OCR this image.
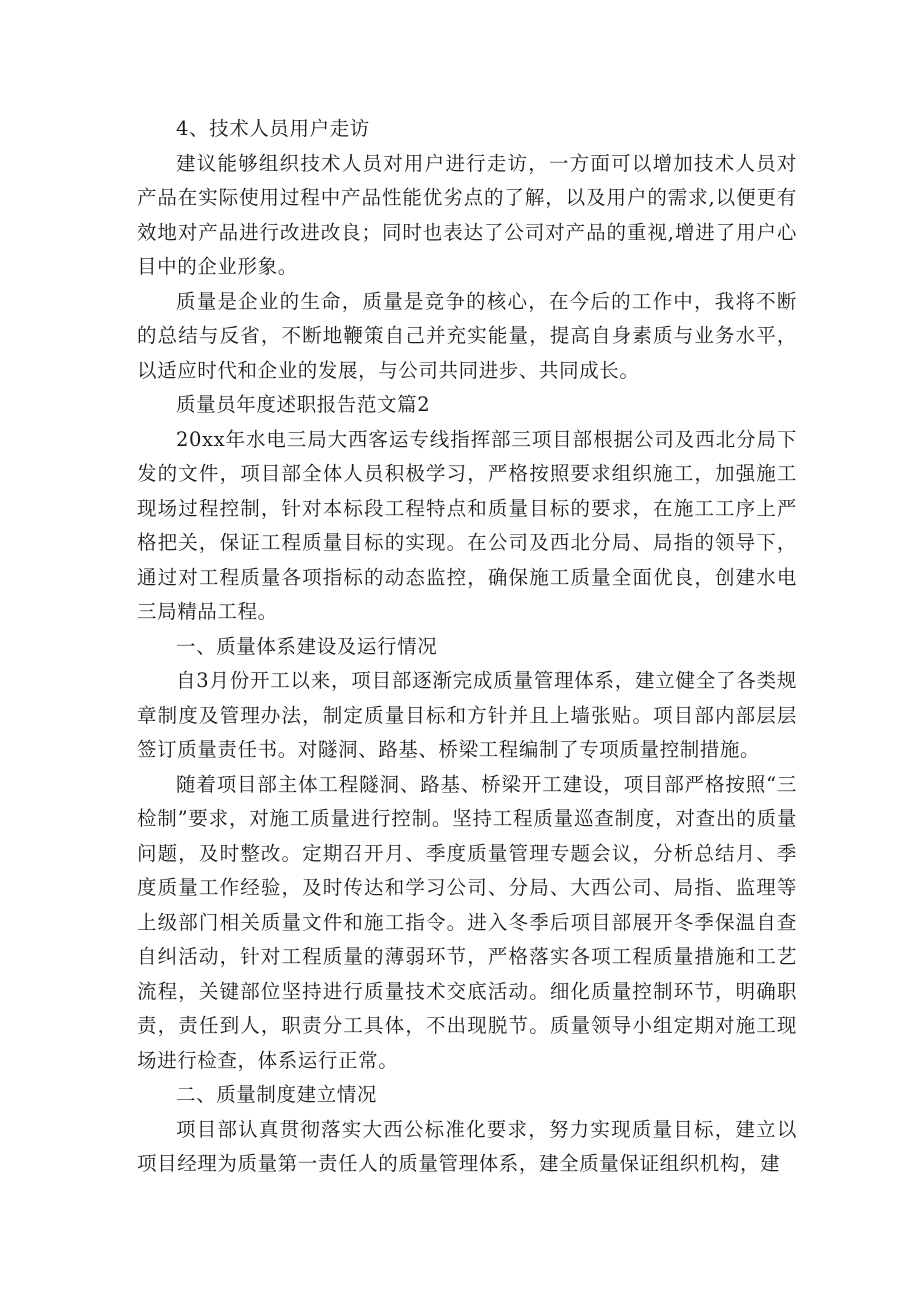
4、技术人员用户走访

建议能够组织技术人员对用户进行走访，一方面可以增加技术人员对产品在实际使用过程中产品性能优劣点的了解，以及用户的需求,以便更有效地对产品进行改进改良；同时也表达了公司对产品的重视,增进了用户心目中的企业形象。

质量是企业的生命，质量是竞争的核心，在今后的工作中，我将不断的总结与反省，不断地鞭策自己并充实能量，提高自身素质与业务水平，以适应时代和企业的发展，与公司共同进步、共同成长。

质量员年度述职报告范文篇2

20xx年水电三局大西客运专线指挥部三项目部根据公司及西北分局下发的文件，项目部全体人员积极学习，严格按照要求组织施工，加强施工现场过程控制，针对本标段工程特点和质量目标的要求，在施工工序上严格把关，保证工程质量目标的实现。在公司及西北分局、局指的领导下，通过对工程质量各项指标的动态监控，确保施工质量全面优良，创建水电三局精品工程。

一、质量体系建设及运行情况

自3月份开工以来，项目部逐渐完成质量管理体系，建立健全了各类规章制度及管理办法，制定质量目标和方针并且上墙张贴。项目部内部层层签订质量责任书。对隧洞、路基、桥梁工程编制了专项质量控制措施。

随着项目部主体工程隧洞、路基、桥梁开工建设，项目部严格按照“三检制”要求，对施工质量进行控制。坚持工程质量巡查制度，对查出的质量问题，及时整改。定期召开月、季度质量管理专题会议，分析总结月、季度质量工作经验，及时传达和学习公司、分局、大西公司、局指、监理等上级部门相关质量文件和施工指令。进入冬季后项目部展开冬季保温自查自纠活动，针对工程质量的薄弱环节，严格落实各项工程质量措施和工艺流程，关键部位坚持进行质量技术交底活动。细化质量控制环节，明确职责，责任到人，职责分工具体，不出现脱节。质量领导小组定期对施工现场进行检查，体系运行正常。

二、质量制度建立情况

项目部认真贯彻落实大西公标准化要求，努力实现质量目标，建立以项目经理为质量第一责任人的质量管理体系，建全质量保证组织机构，建
